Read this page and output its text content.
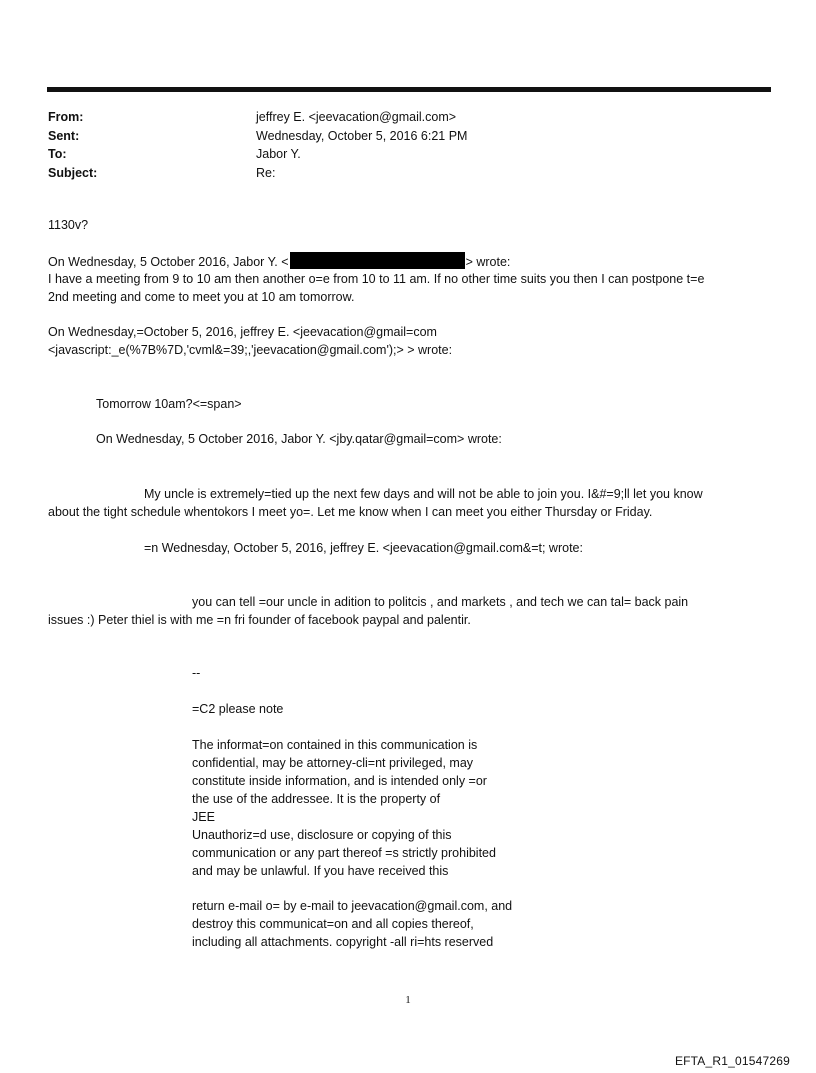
From:	jeffrey E. <jeevacation@gmail.com>
Sent:	Wednesday, October 5, 2016 6:21 PM
To:	Jabor Y.
Subject:	Re:
1130v?
On Wednesday, 5 October 2016, Jabor Y. <	> wrote:
I have a meeting from 9 to 10 am then another o=e from 10 to 11 am. If no other time suits you then I can postpone t=e
2nd meeting and come to meet you at 10 am tomorrow.
On Wednesday,=October 5, 2016, jeffrey E. <jeevacation@gmail=com
<javascript:_e(%7B%7D,'cvml&=39;,'jeevacation@gmail.com');> > wrote:
Tomorrow 10am?<=span>
On Wednesday, 5 October 2016, Jabor Y. <jby.qatar@gmail=com> wrote:
My uncle is extremely=tied up the next few days and will not be able to join you. I&#=9;ll let you know
about the tight schedule whentokors I meet yo=. Let me know when I can meet you either Thursday or Friday.
=n Wednesday, October 5, 2016, jeffrey E. <jeevacation@gmail.com&=t; wrote:
you can tell =our uncle in adition to politcis , and markets , and tech we can tal= back pain
issues :) Peter thiel is with me =n fri founder of facebook paypal and palentir.
--
=C2 please note
The informat=on contained in this communication is
confidential, may be attorney-cli=nt privileged, may
constitute inside information, and is intended only =or
the use of the addressee. It is the property of
JEE
Unauthoriz=d use, disclosure or copying of this
communication or any part thereof =s strictly prohibited
and may be unlawful. If you have received this
return e-mail o= by e-mail to jeevacation@gmail.com, and
destroy this communicat=on and all copies thereof,
including all attachments. copyright -all ri=hts reserved
1
EFTA_R1_01547269
